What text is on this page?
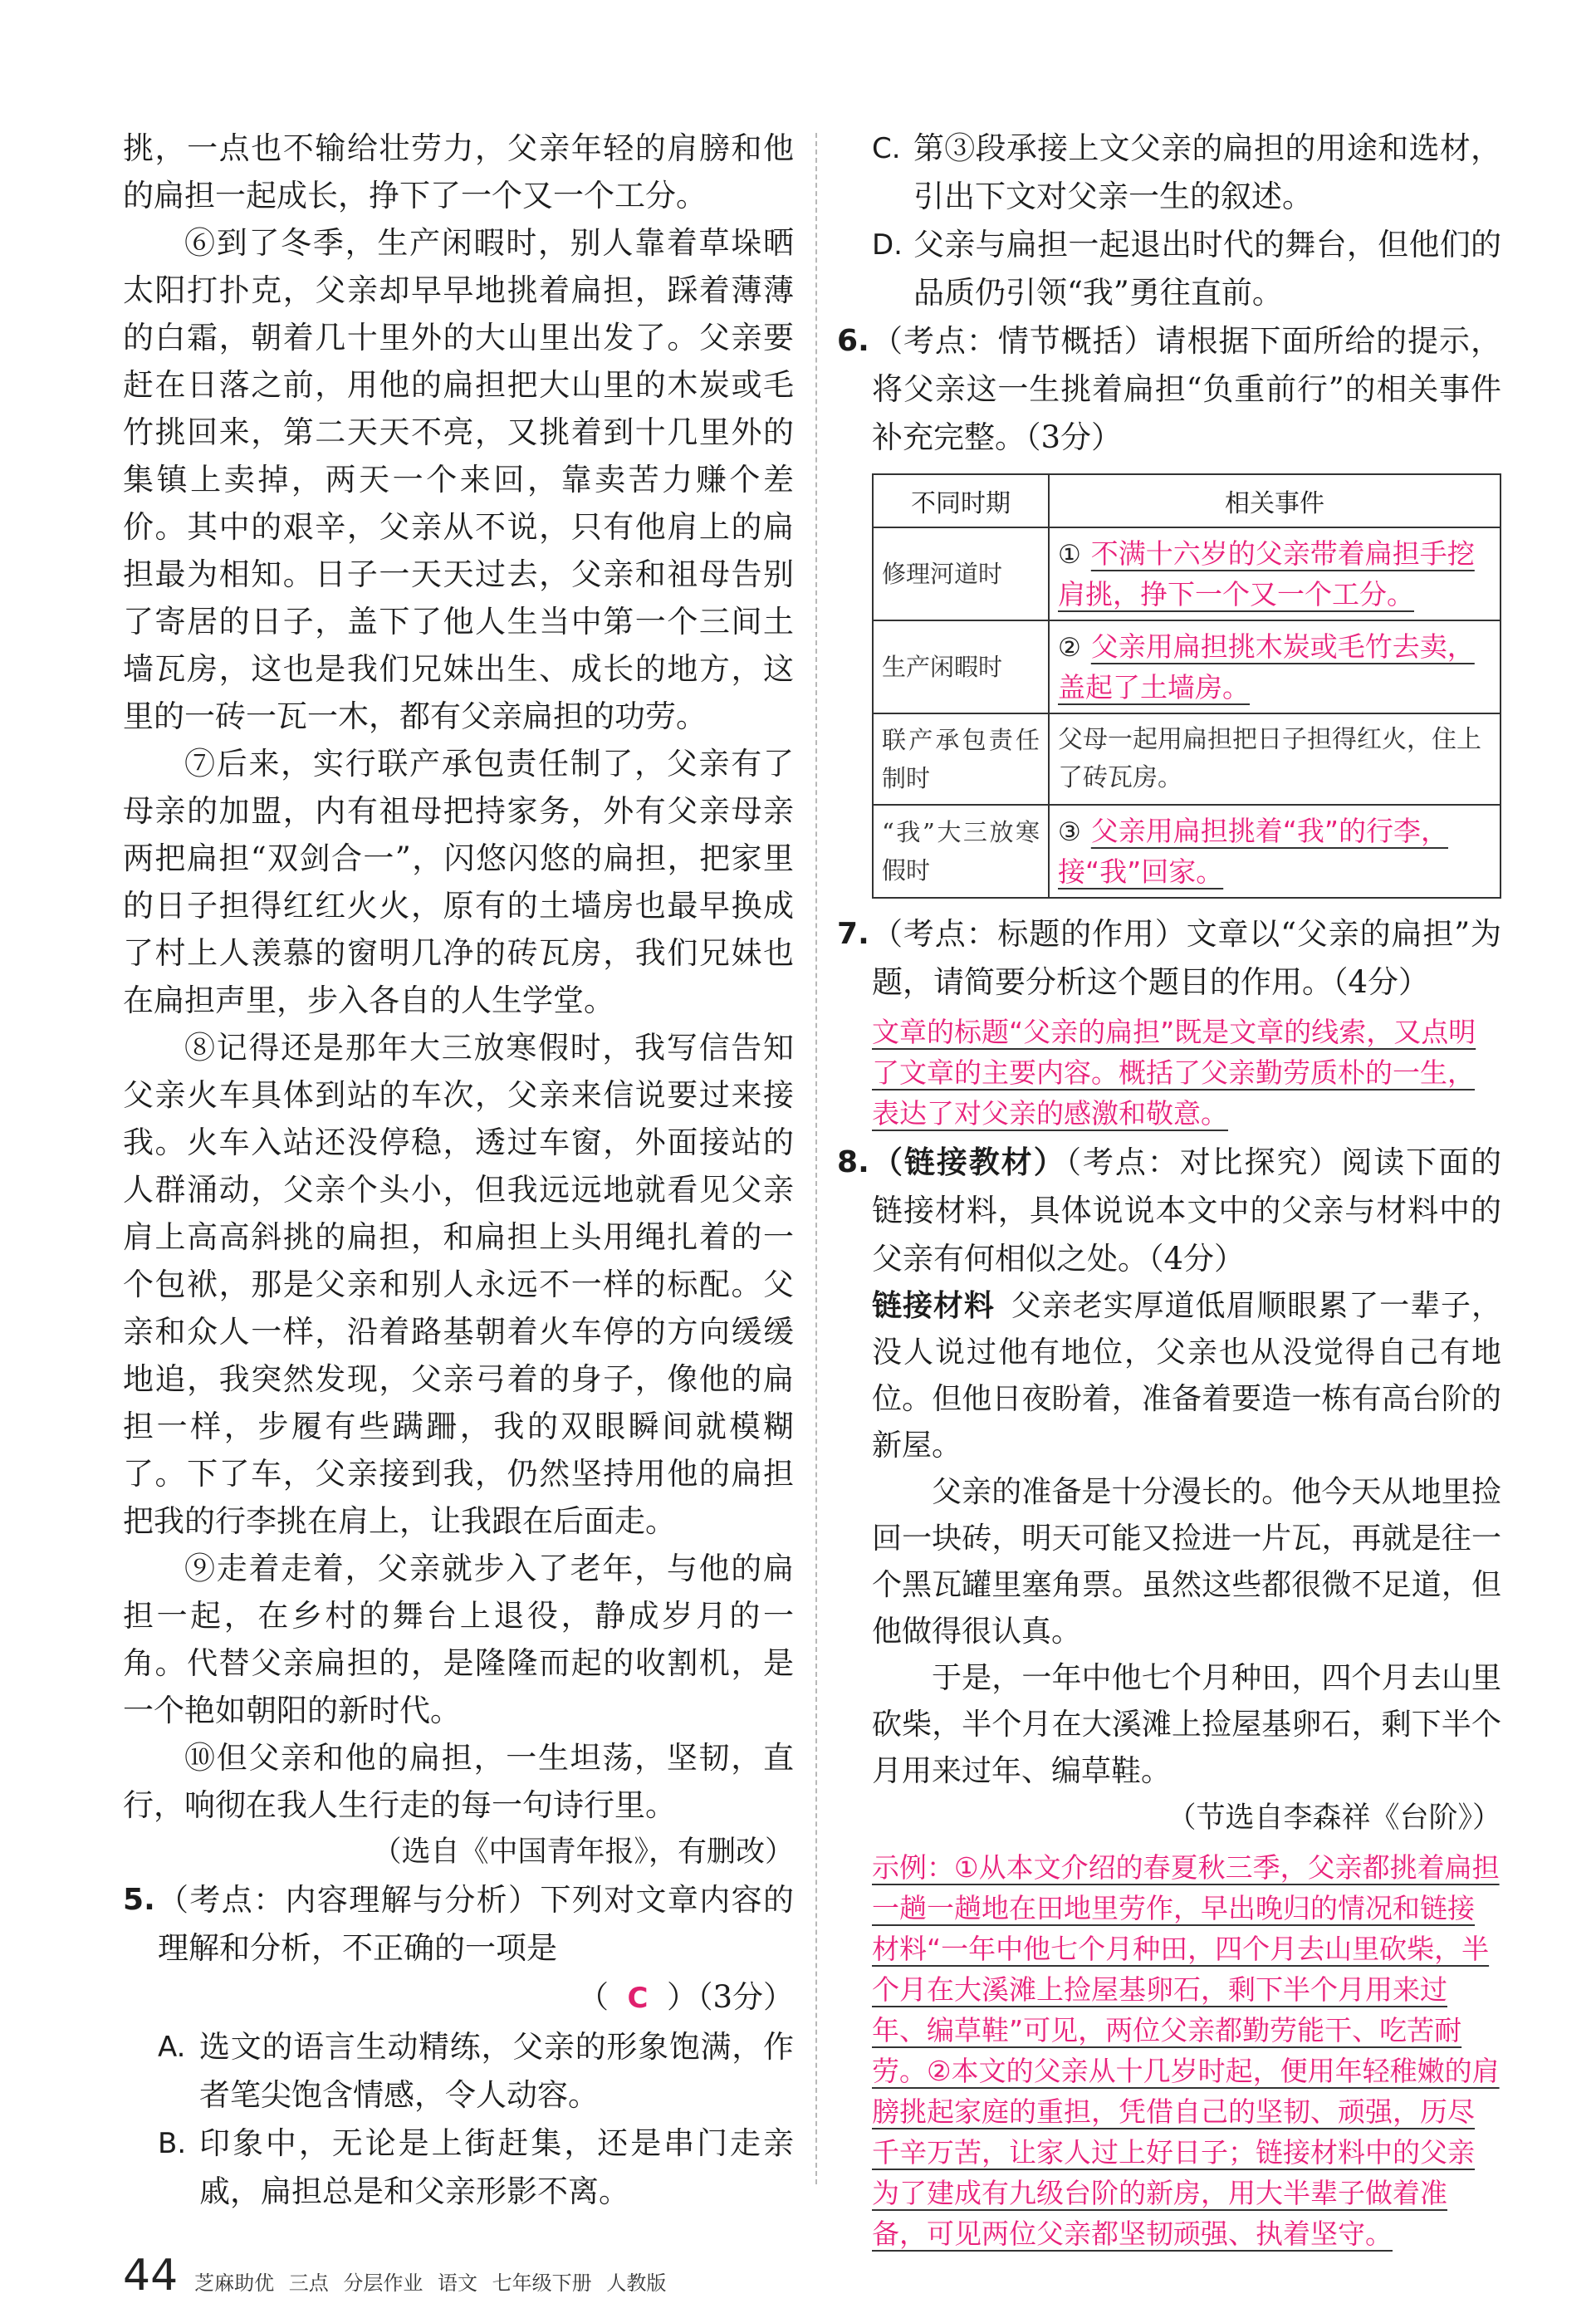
挑，一点也不输给壮劳力，父亲年轻的肩膀和他的扁担一起成长，挣下了一个又一个工分。

⑥到了冬季，生产闲暇时，别人靠着草垛晒太阳打扑克，父亲却早早地挑着扁担，踩着薄薄的白霜，朝着几十里外的大山里出发了。父亲要赶在日落之前，用他的扁担把大山里的木炭或毛竹挑回来，第二天天不亮，又挑着到十几里外的集镇上卖掉，两天一个来回，靠卖苦力赚个差价。其中的艰辛，父亲从不说，只有他肩上的扁担最为相知。日子一天天过去，父亲和祖母告别了寄居的日子，盖下了他人生当中第一个三间土墙瓦房，这也是我们兄妹出生、成长的地方，这里的一砖一瓦一木，都有父亲扁担的功劳。

⑦后来，实行联产承包责任制了，父亲有了母亲的加盟，内有祖母把持家务，外有父亲母亲两把扁担“双剑合一”，闪悠闪悠的扁担，把家里的日子担得红红火火，原有的土墙房也最早换成了村上人羡慕的窗明几净的砖瓦房，我们兄妹也在扁担声里，步入各自的人生学堂。

⑧记得还是那年大三放寒假时，我写信告知父亲火车具体到站的车次，父亲来信说要过来接我。火车入站还没停稳，透过车窗，外面接站的人群涌动，父亲个头小，但我远远地就看见父亲肩上高高斜挑的扁担，和扁担上头用绳扎着的一个包袱，那是父亲和别人永远不一样的标配。父亲和众人一样，沿着路基朝着火车停的方向缓缓地追，我突然发现，父亲弓着的身子，像他的扁担一样，步履有些蹒跚，我的双眼瞬间就模糊了。下了车，父亲接到我，仍然坚持用他的扁担把我的行李挑在肩上，让我跟在后面走。

⑨走着走着，父亲就步入了老年，与他的扁担一起，在乡村的舞台上退役，静成岁月的一角。代替父亲扁担的，是隆隆而起的收割机，是一个艳如朝阳的新时代。

⑩但父亲和他的扁担，一生坦荡，坚韧，直行，响彻在我人生行走的每一句诗行里。

（选自《中国青年报》，有删改）

5. （考点：内容理解与分析）下列对文章内容的理解和分析，不正确的一项是
（ C ）（3分）
A. 选文的语言生动精练，父亲的形象饱满，作者笔尖饱含情感，令人动容。
B. 印象中，无论是上街赶集，还是串门走亲戚，扁担总是和父亲形影不离。
C. 第③段承接上文父亲的扁担的用途和选材，引出下文对父亲一生的叙述。
D. 父亲与扁担一起退出时代的舞台，但他们的品质仍引领“我”勇往直前。
6. （考点：情节概括）请根据下面所给的提示，将父亲这一生挑着扁担“负重前行”的相关事件补充完整。（3分）
不同时期	相关事件
修理河道时	① 不满十六岁的父亲带着扁担手挖肩挑，挣下一个又一个工分。
生产闲暇时	② 父亲用扁担挑木炭或毛竹去卖，盖起了土墙房。
联产承包责任制时	父母一起用扁担把日子担得红火，住上了砖瓦房。
“我”大三放寒假时	③ 父亲用扁担挑着“我”的行李，接“我”回家。
7. （考点：标题的作用）文章以“父亲的扁担”为题，请简要分析这个题目的作用。（4分）
文章的标题“父亲的扁担”既是文章的线索，又点明了文章的主要内容。概括了父亲勤劳质朴的一生，表达了对父亲的感激和敬意。
8. （链接教材）（考点：对比探究）阅读下面的链接材料，具体说说本文中的父亲与材料中的父亲有何相似之处。（4分）

链接材料 父亲老实厚道低眉顺眼累了一辈子，没人说过他有地位，父亲也从没觉得自己有地位。但他日夜盼着，准备着要造一栋有高台阶的新屋。

父亲的准备是十分漫长的。他今天从地里捡回一块砖，明天可能又捡进一片瓦，再就是往一个黑瓦罐里塞角票。虽然这些都很微不足道，但他做得很认真。

于是，一年中他七个月种田，四个月去山里砍柴，半个月在大溪滩上捡屋基卵石，剩下半个月用来过年、编草鞋。

（节选自李森祥《台阶》）

示例：①从本文介绍的春夏秋三季，父亲都挑着扁担一趟一趟地在田地里劳作，早出晚归的情况和链接材料“一年中他七个月种田，四个月去山里砍柴，半个月在大溪滩上捡屋基卵石，剩下半个月用来过年、编草鞋”可见，两位父亲都勤劳能干、吃苦耐劳。②本文的父亲从十几岁时起，便用年轻稚嫩的肩膀挑起家庭的重担，凭借自己的坚韧、顽强，历尽千辛万苦，让家人过上好日子；链接材料中的父亲为了建成有九级台阶的新房，用大半辈子做着准备，可见两位父亲都坚韧顽强、执着坚守。
44 芝麻助优 三点 分层作业 语文 七年级下册 人教版
